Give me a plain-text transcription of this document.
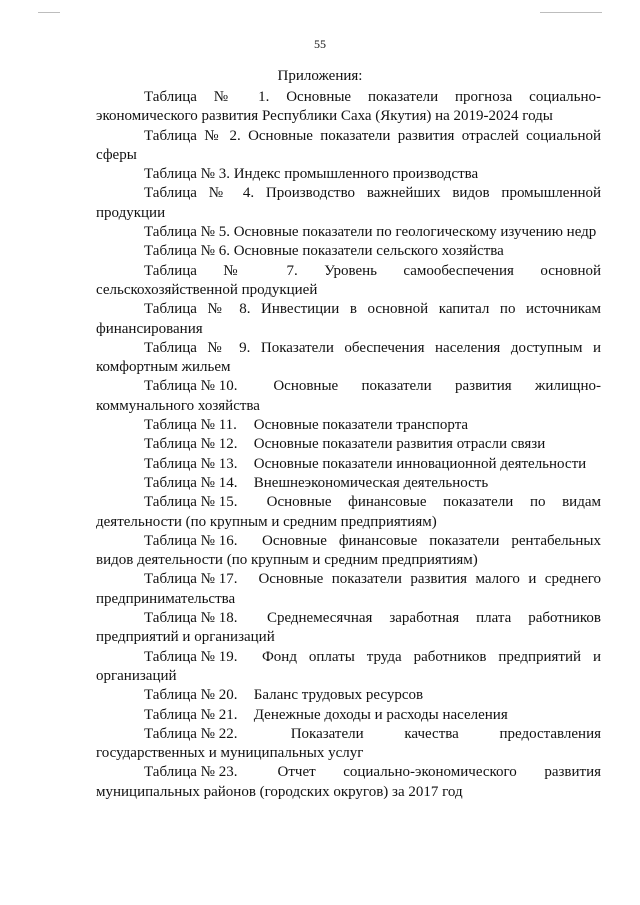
55
Приложения:

Таблица № 1. Основные показатели прогноза социально-экономического развития Республики Саха (Якутия) на 2019-2024 годы

Таблица № 2. Основные показатели развития отраслей социальной сферы

Таблица № 3. Индекс промышленного производства

Таблица № 4. Производство важнейших видов промышленной продукции

Таблица № 5. Основные показатели по геологическому изучению недр

Таблица № 6. Основные показатели сельского хозяйства

Таблица № 7. Уровень самообеспечения основной сельскохозяйственной продукцией

Таблица № 8. Инвестиции в основной капитал по источникам финансирования

Таблица № 9. Показатели обеспечения населения доступным и комфортным жильем

Таблица № 10. Основные показатели развития жилищно-коммунального хозяйства

Таблица № 11. Основные показатели транспорта

Таблица № 12. Основные показатели развития отрасли связи

Таблица № 13. Основные показатели инновационной деятельности

Таблица № 14. Внешнеэкономическая деятельность

Таблица № 15. Основные финансовые показатели по видам деятельности (по крупным и средним предприятиям)

Таблица № 16. Основные финансовые показатели рентабельных видов деятельности (по крупным и средним предприятиям)

Таблица № 17. Основные показатели развития малого и среднего предпринимательства

Таблица № 18. Среднемесячная заработная плата работников предприятий и организаций

Таблица № 19. Фонд оплаты труда работников предприятий и организаций

Таблица № 20. Баланс трудовых ресурсов

Таблица № 21. Денежные доходы и расходы населения

Таблица № 22.	Показатели качества предоставления государственных и муниципальных услуг

Таблица № 23.	Отчет социально-экономического развития муниципальных районов (городских округов) за 2017 год
